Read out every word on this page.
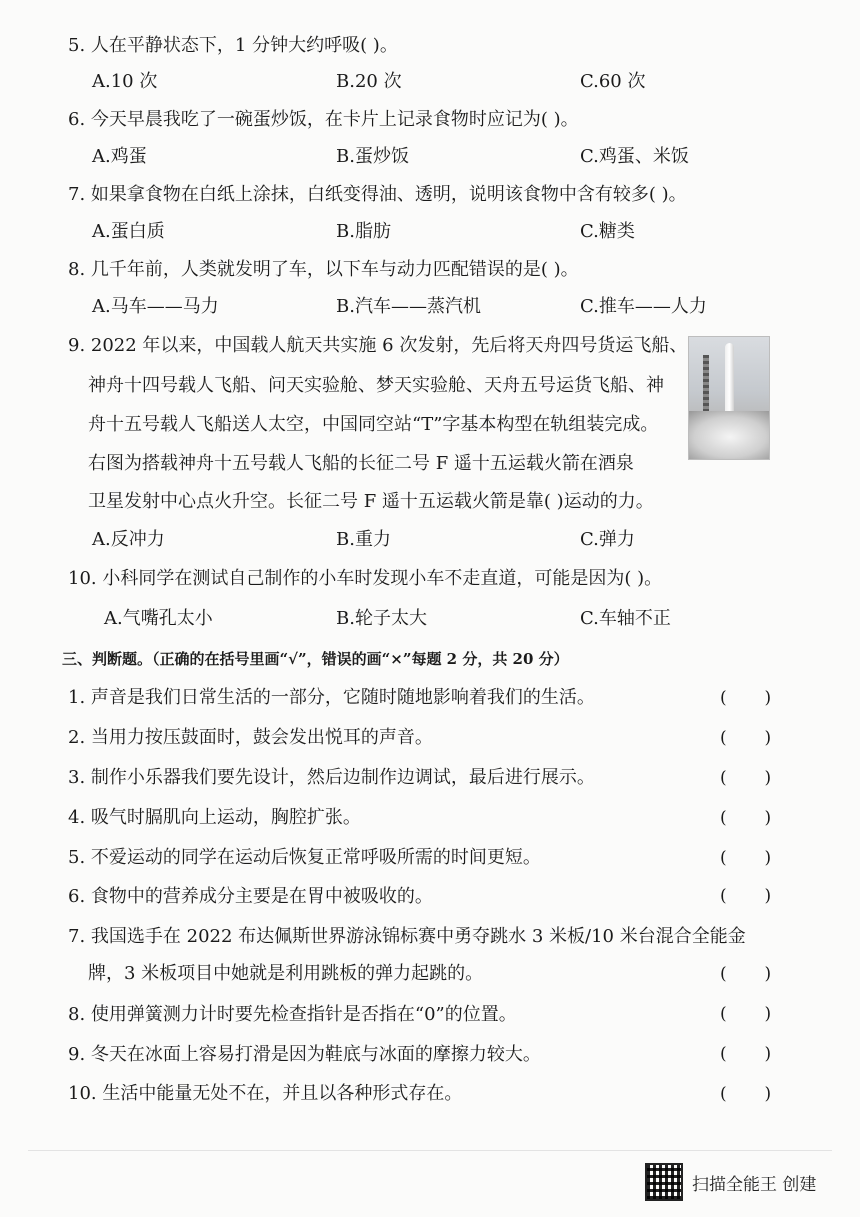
5. 人在平静状态下，1 分钟大约呼吸( )。
A.10 次	B.20 次	C.60 次
6. 今天早晨我吃了一碗蛋炒饭，在卡片上记录食物时应记为( )。
A.鸡蛋	B.蛋炒饭	C.鸡蛋、米饭
7. 如果拿食物在白纸上涂抹，白纸变得油、透明，说明该食物中含有较多( )。
A.蛋白质	B.脂肪	C.糖类
8. 几千年前，人类就发明了车，以下车与动力匹配错误的是( )。
A.马车——马力	B.汽车——蒸汽机	C.推车——人力
9. 2022 年以来，中国载人航天共实施 6 次发射，先后将天舟四号货运飞船、
神舟十四号载人飞船、问天实验舱、梦天实验舱、天舟五号运货飞船、神
舟十五号载人飞船送人太空，中国同空站“T”字基本构型在轨组装完成。
右图为搭载神舟十五号载人飞船的长征二号 F 遥十五运载火箭在酒泉
卫星发射中心点火升空。长征二号 F 遥十五运载火箭是靠( )运动的力。
A.反冲力	B.重力	C.弹力
10. 小科同学在测试自己制作的小车时发现小车不走直道，可能是因为( )。
A.气嘴孔太小	B.轮子太大	C.车轴不正
三、判断题。（正确的在括号里画“√”，错误的画“×”每题 2 分，共 20 分）
1. 声音是我们日常生活的一部分，它随时随地影响着我们的生活。	(       )
2. 当用力按压鼓面时，鼓会发出悦耳的声音。	(       )
3. 制作小乐器我们要先设计，然后边制作边调试，最后进行展示。	(       )
4. 吸气时膈肌向上运动，胸腔扩张。	(       )
5. 不爱运动的同学在运动后恢复正常呼吸所需的时间更短。	(       )
6. 食物中的营养成分主要是在胃中被吸收的。	(       )
7. 我国选手在 2022 布达佩斯世界游泳锦标赛中勇夺跳水 3 米板/10 米台混合全能金
牌，3 米板项目中她就是利用跳板的弹力起跳的。	(       )
8. 使用弹簧测力计时要先检查指针是否指在“0”的位置。	(       )
9. 冬天在冰面上容易打滑是因为鞋底与冰面的摩擦力较大。	(       )
10. 生活中能量无处不在，并且以各种形式存在。	(       )
扫描全能王 创建
